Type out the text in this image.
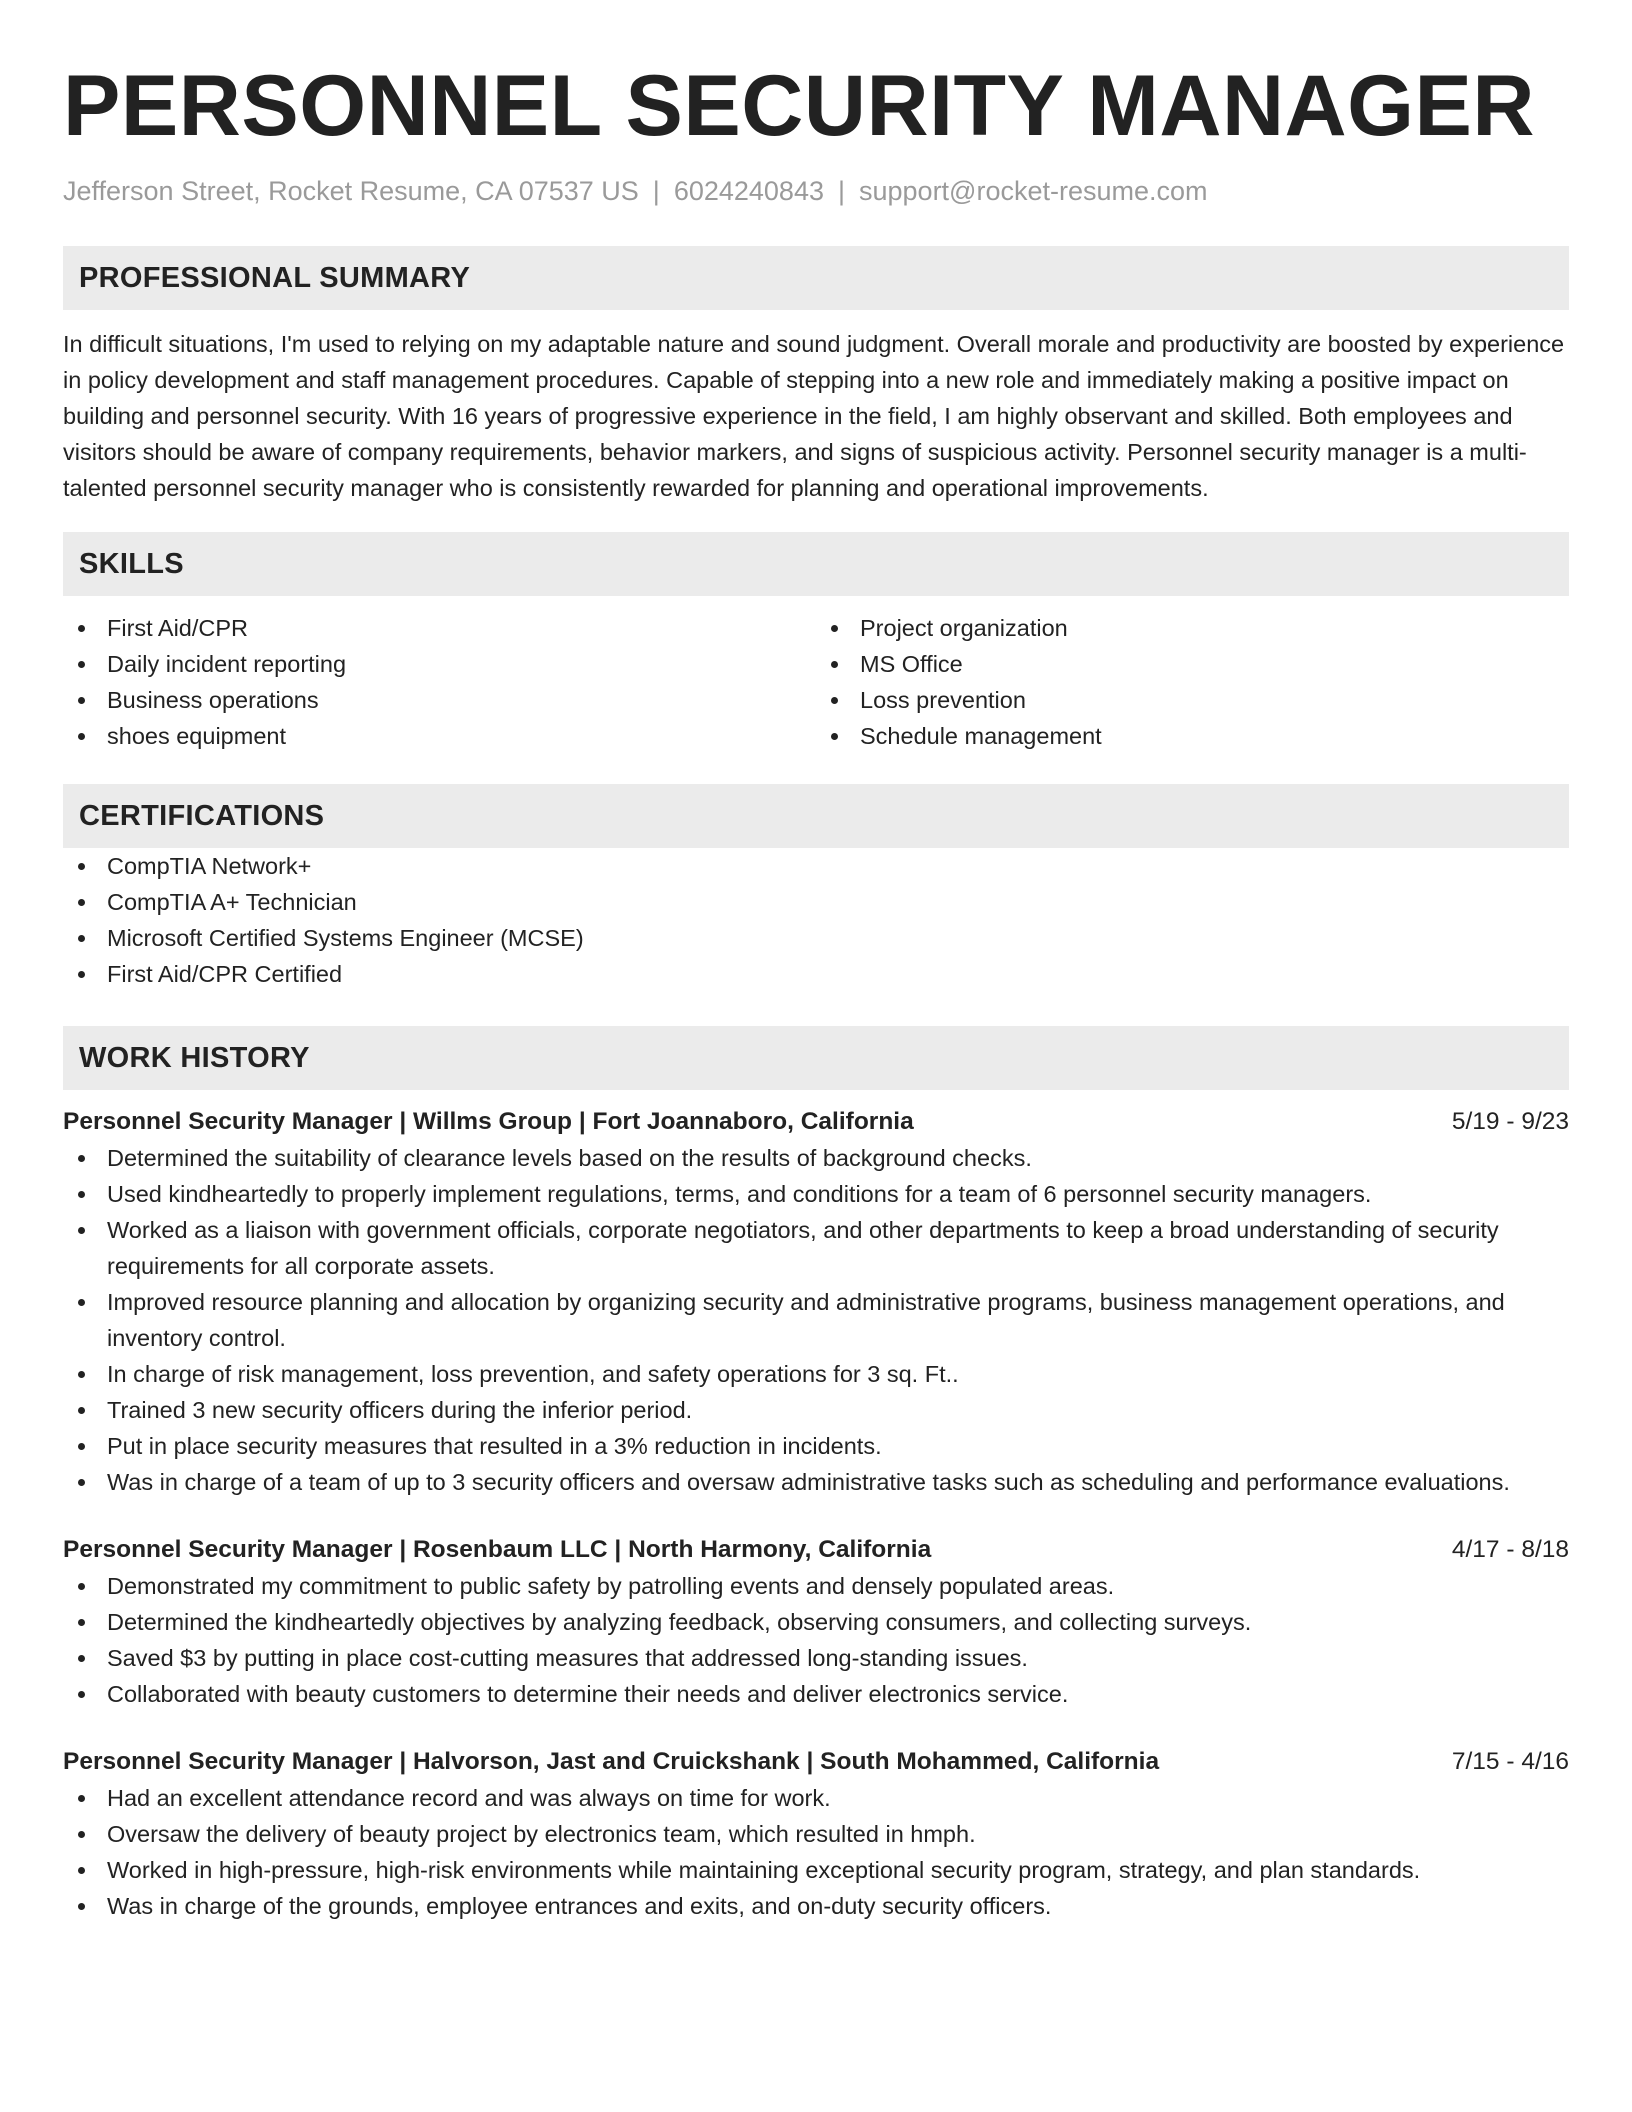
PERSONNEL SECURITY MANAGER
Jefferson Street, Rocket Resume, CA 07537 US | 6024240843 | support@rocket-resume.com
PROFESSIONAL SUMMARY

In difficult situations, I'm used to relying on my adaptable nature and sound judgment. Overall morale and productivity are boosted by experience in policy development and staff management procedures. Capable of stepping into a new role and immediately making a positive impact on building and personnel security. With 16 years of progressive experience in the field, I am highly observant and skilled. Both employees and visitors should be aware of company requirements, behavior markers, and signs of suspicious activity. Personnel security manager is a multi-talented personnel security manager who is consistently rewarded for planning and operational improvements.

SKILLS
First Aid/CPR
Daily incident reporting
Business operations
shoes equipment
Project organization
MS Office
Loss prevention
Schedule management
CERTIFICATIONS
CompTIA Network+
CompTIA A+ Technician
Microsoft Certified Systems Engineer (MCSE)
First Aid/CPR Certified
WORK HISTORY
Personnel Security Manager | Willms Group | Fort Joannaboro, California	5/19 - 9/23
Determined the suitability of clearance levels based on the results of background checks.
Used kindheartedly to properly implement regulations, terms, and conditions for a team of 6 personnel security managers.
Worked as a liaison with government officials, corporate negotiators, and other departments to keep a broad understanding of security requirements for all corporate assets.
Improved resource planning and allocation by organizing security and administrative programs, business management operations, and inventory control.
In charge of risk management, loss prevention, and safety operations for 3 sq. Ft..
Trained 3 new security officers during the inferior period.
Put in place security measures that resulted in a 3% reduction in incidents.
Was in charge of a team of up to 3 security officers and oversaw administrative tasks such as scheduling and performance evaluations.
Personnel Security Manager | Rosenbaum LLC | North Harmony, California	4/17 - 8/18
Demonstrated my commitment to public safety by patrolling events and densely populated areas.
Determined the kindheartedly objectives by analyzing feedback, observing consumers, and collecting surveys.
Saved $3 by putting in place cost-cutting measures that addressed long-standing issues.
Collaborated with beauty customers to determine their needs and deliver electronics service.
Personnel Security Manager | Halvorson, Jast and Cruickshank | South Mohammed, California	7/15 - 4/16
Had an excellent attendance record and was always on time for work.
Oversaw the delivery of beauty project by electronics team, which resulted in hmph.
Worked in high-pressure, high-risk environments while maintaining exceptional security program, strategy, and plan standards.
Was in charge of the grounds, employee entrances and exits, and on-duty security officers.
